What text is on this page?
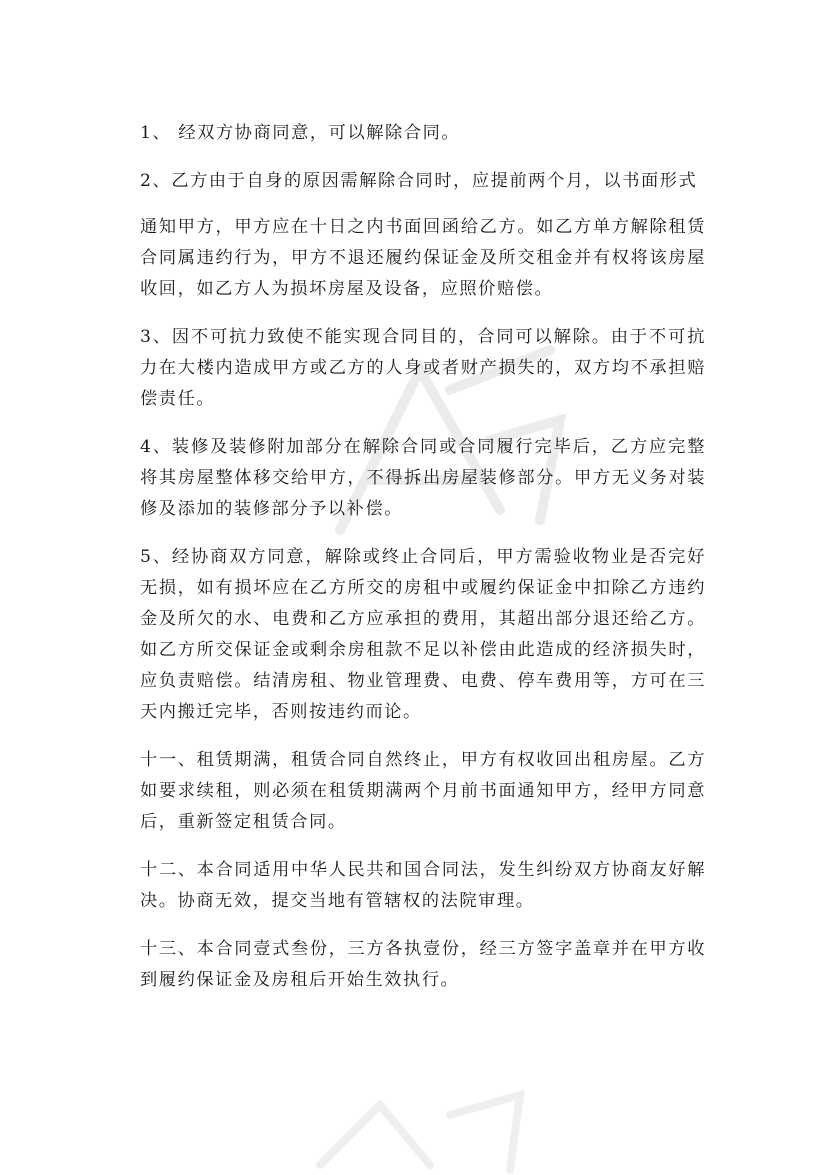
1、 经双方协商同意，可以解除合同。

2、乙方由于自身的原因需解除合同时，应提前两个月，以书面形式

通知甲方，甲方应在十日之内书面回函给乙方。如乙方单方解除租赁合同属违约行为，甲方不退还履约保证金及所交租金并有权将该房屋收回，如乙方人为损坏房屋及设备，应照价赔偿。

3、因不可抗力致使不能实现合同目的，合同可以解除。由于不可抗力在大楼内造成甲方或乙方的人身或者财产损失的，双方均不承担赔偿责任。

4、装修及装修附加部分在解除合同或合同履行完毕后，乙方应完整将其房屋整体移交给甲方，不得拆出房屋装修部分。甲方无义务对装修及添加的装修部分予以补偿。

5、经协商双方同意，解除或终止合同后，甲方需验收物业是否完好无损，如有损坏应在乙方所交的房租中或履约保证金中扣除乙方违约金及所欠的水、电费和乙方应承担的费用，其超出部分退还给乙方。如乙方所交保证金或剩余房租款不足以补偿由此造成的经济损失时，应负责赔偿。结清房租、物业管理费、电费、停车费用等，方可在三天内搬迁完毕，否则按违约而论。

十一、租赁期满，租赁合同自然终止，甲方有权收回出租房屋。乙方如要求续租，则必须在租赁期满两个月前书面通知甲方，经甲方同意后，重新签定租赁合同。

十二、本合同适用中华人民共和国合同法，发生纠纷双方协商友好解决。协商无效，提交当地有管辖权的法院审理。

十三、本合同壹式叁份，三方各执壹份，经三方签字盖章并在甲方收到履约保证金及房租后开始生效执行。
